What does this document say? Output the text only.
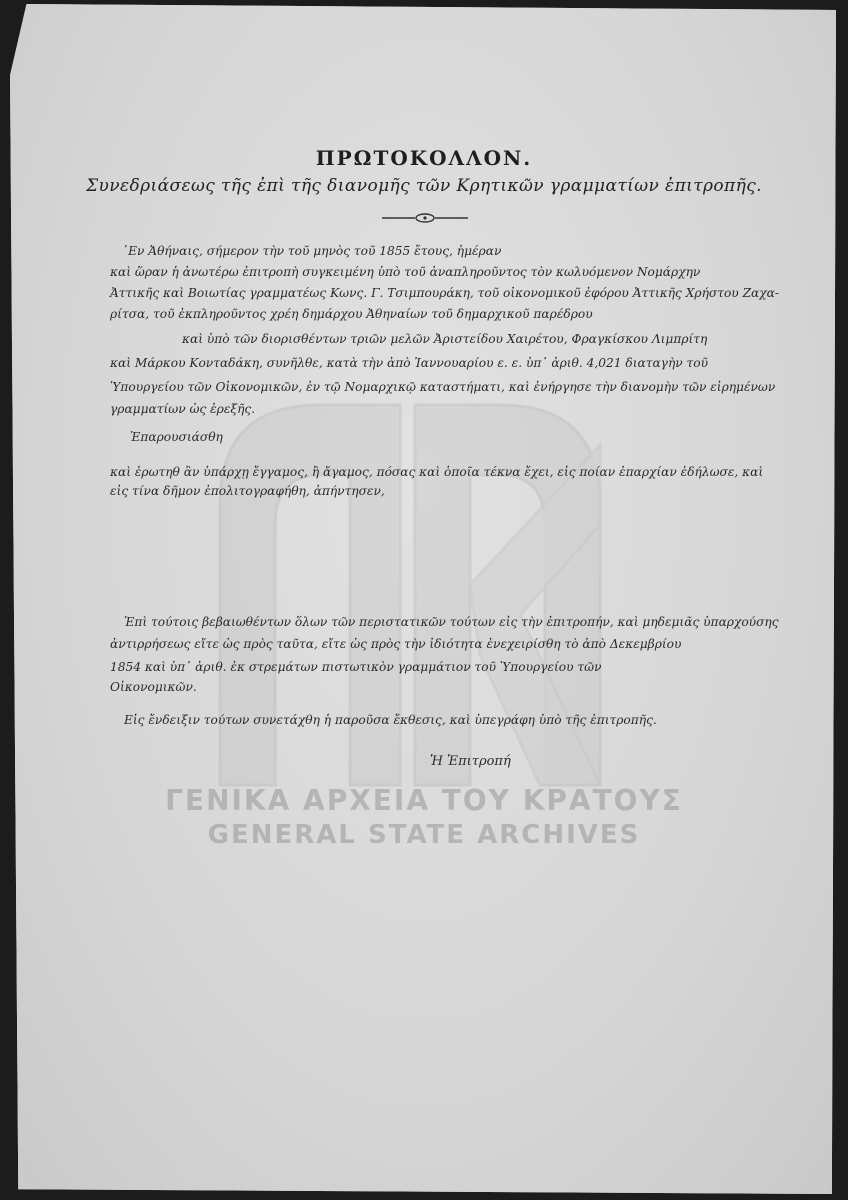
ΠΡΩΤΟΚΟΛΛΟΝ.
Συνεδριάσεως τῆς ἐπὶ τῆς διανομῆς τῶν Κρητικῶν γραμματίων ἐπιτροπῆς.
᾿Εν Ἀθήναις, σήμερον τὴν τοῦ μηνὸς τοῦ 1855 ἔτους, ἡμέραν
καὶ ὥραν ἡ ἀνωτέρω ἐπιτροπὴ συγκειμένη ὑπὸ τοῦ ἀναπληροῦντος τὸν κωλυόμενον Νομάρχην
Ἀττικῆς καὶ Βοιωτίας γραμματέως Κωνς. Γ. Τσιμπουράκη, τοῦ οἰκονομικοῦ ἐφόρου Ἀττικῆς Χρήστου Ζαχα-
ρίτσα, τοῦ ἐκπληροῦντος χρέη δημάρχου Ἀθηναίων τοῦ δημαρχικοῦ παρέδρου
καὶ ὑπὸ τῶν διορισθέντων τριῶν μελῶν Ἀριστείδου Χαιρέτου, Φραγκίσκου Λιμπρίτη
καὶ Μάρκου Κονταδάκη, συνῆλθε, κατὰ τὴν ἀπὸ Ἰαννουαρίου ε. ε. ὑπ᾿ ἀριθ. 4,021 διαταγὴν τοῦ
Ὑπουργείου τῶν Οἰκονομικῶν, ἐν τῷ Νομαρχικῷ καταστήματι, καὶ ἐνήργησε τὴν διανομὴν τῶν εἰρημένων
γραμματίων ὡς ἑρεξῆς.
Ἐπαρουσιάσθη
καὶ ἐρωτηθ ἂν ὑπάρχῃ ἔγγαμος, ἢ ἄγαμος, πόσας καὶ ὁποῖα τέκνα ἔχει, εἰς ποίαν ἐπαρχίαν ἐδήλωσε, καὶ
εἰς τίνα δῆμον ἐπολιτογραφήθη, ἀπήντησεν,
Ἐπὶ τούτοις βεβαιωθέντων ὅλων τῶν περιστατικῶν τούτων εἰς τὴν ἐπιτροπήν, καὶ μηδεμιᾶς ὑπαρχούσης
ἀντιρρήσεως εἴτε ὡς πρὸς ταῦτα, εἴτε ὡς πρὸς τὴν ἰδιότητα ἐνεχειρίσθη τὸ ἀπὸ Δεκεμβρίου
1854 καὶ ὑπ᾿ ἀριθ. ἐκ στρεμάτων πιστωτικὸν γραμμάτιον τοῦ Ὑπουργείου τῶν
Οἰκονομικῶν.
Εἰς ἔνδειξιν τούτων συνετάχθη ἡ παροῦσα ἔκθεσις, καὶ ὑπεγράφη ὑπὸ τῆς ἐπιτροπῆς.
Ἡ Ἐπιτροπή
ΓΕΝΙΚΑ ΑΡΧΕΙΑ ΤΟΥ ΚΡΑΤΟΥΣ
GENERAL STATE ARCHIVES
